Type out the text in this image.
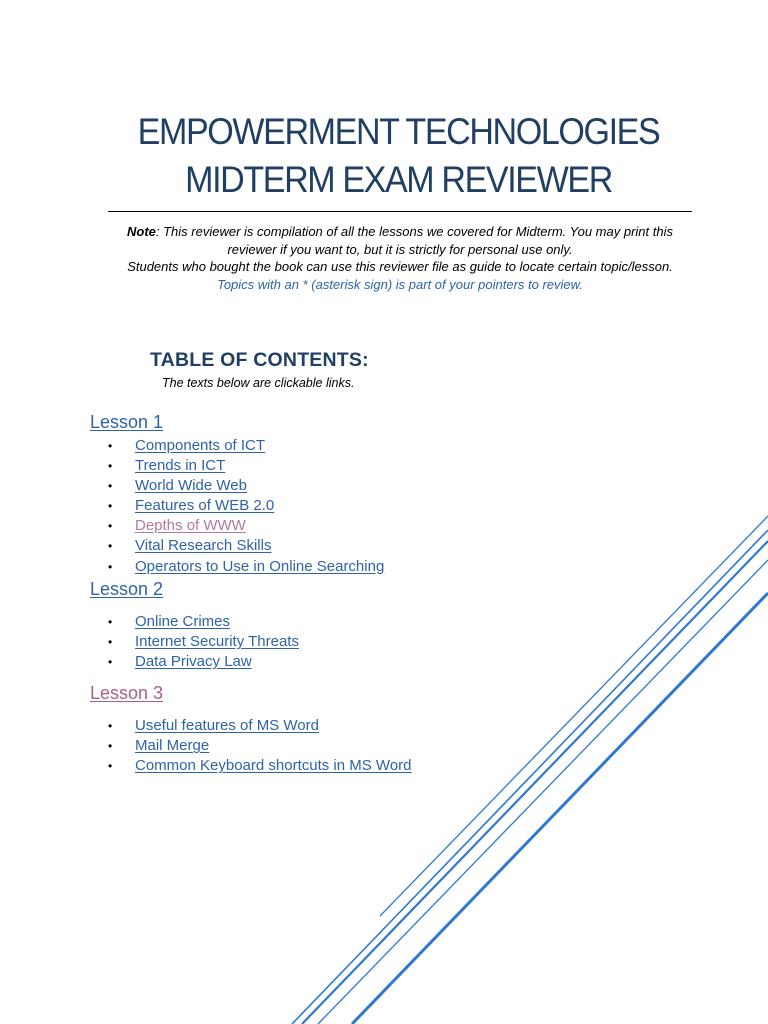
EMPOWERMENT TECHNOLOGIES
MIDTERM EXAM REVIEWER
Note: This reviewer is compilation of all the lessons we covered for Midterm. You may print this
reviewer if you want to, but it is strictly for personal use only.
Students who bought the book can use this reviewer file as guide to locate certain topic/lesson.
Topics with an * (asterisk sign) is part of your pointers to review.
TABLE OF CONTENTS:
The texts below are clickable links.
Lesson 1
• Components of ICT
• Trends in ICT
• World Wide Web
• Features of WEB 2.0
• Depths of WWW
• Vital Research Skills
• Operators to Use in Online Searching
Lesson 2
• Online Crimes
• Internet Security Threats
• Data Privacy Law
Lesson 3
• Useful features of MS Word
• Mail Merge
• Common Keyboard shortcuts in MS Word
